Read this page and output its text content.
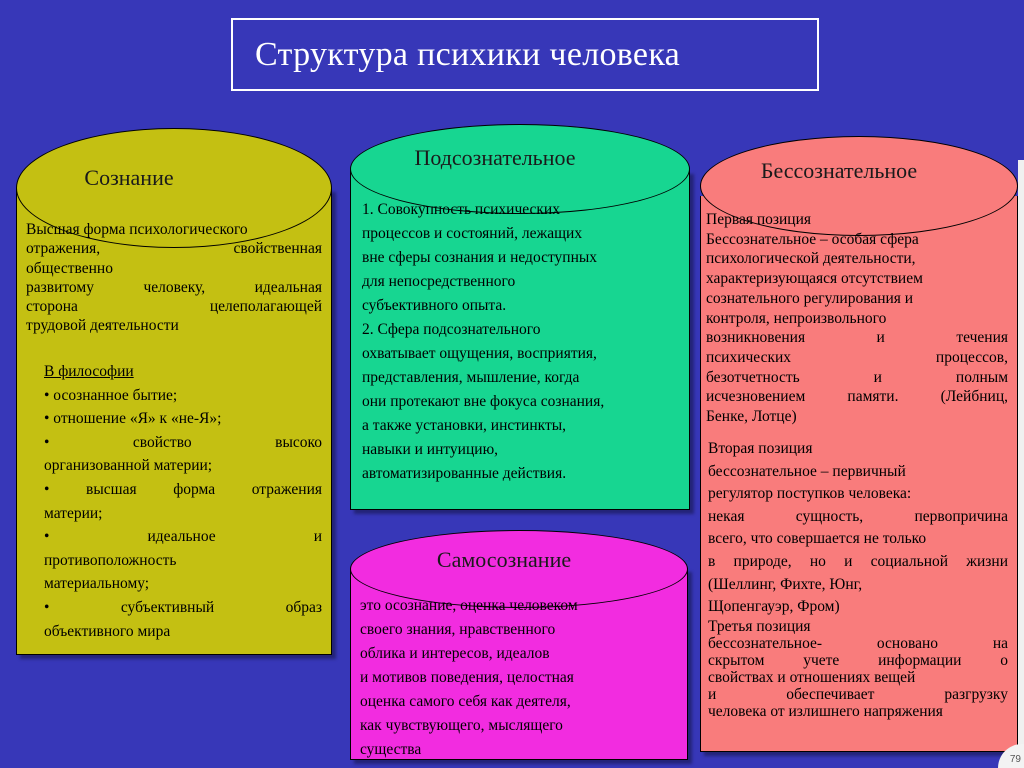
Структура психики человека
Сознание

Высшая форма психологического

отражения, свойственная

общественно

развитому человеку, идеальная

сторона целеполагающей

трудовой деятельности

В философии

• осознанное бытие;

• отношение «Я» к «не-Я»;

• свойство высоко

организованной материи;

• высшая форма отражения

материи;

• идеальное и

противоположность

материальному;

• субъективный образ

объективного мира

Подсознательное

1. Совокупность психических

процессов и состояний, лежащих

вне сферы сознания и недоступных

для непосредственного

субъективного опыта.

2. Сфера подсознательного

охватывает ощущения, восприятия,

представления, мышление, когда

они протекают вне фокуса сознания,

а также установки, инстинкты,

навыки и интуицию,

автоматизированные действия.

Бессознательное

Первая позиция

Бессознательное – особая сфера

психологической деятельности,

характеризующаяся отсутствием

сознательного регулирования и

контроля, непроизвольного

возникновения и течения

психических процессов,

безотчетность и полным

исчезновением памяти. (Лейбниц,

Бенке, Лотце)

Вторая позиция

бессознательное – первичный

регулятор поступков человека:

некая сущность, первопричина

всего, что совершается не только

в природе, но и социальной жизни

(Шеллинг, Фихте, Юнг,

Щопенгауэр, Фром)

Третья позиция

бессознательное- основано на

скрытом учете информации о

свойствах и отношениях вещей

и обеспечивает разгрузку

человека от излишнего напряжения

Самосознание

это осознание, оценка человеком

своего знания, нравственного

облика и интересов, идеалов

и мотивов поведения, целостная

оценка самого себя как деятеля,

как чувствующего, мыслящего

существа

79
